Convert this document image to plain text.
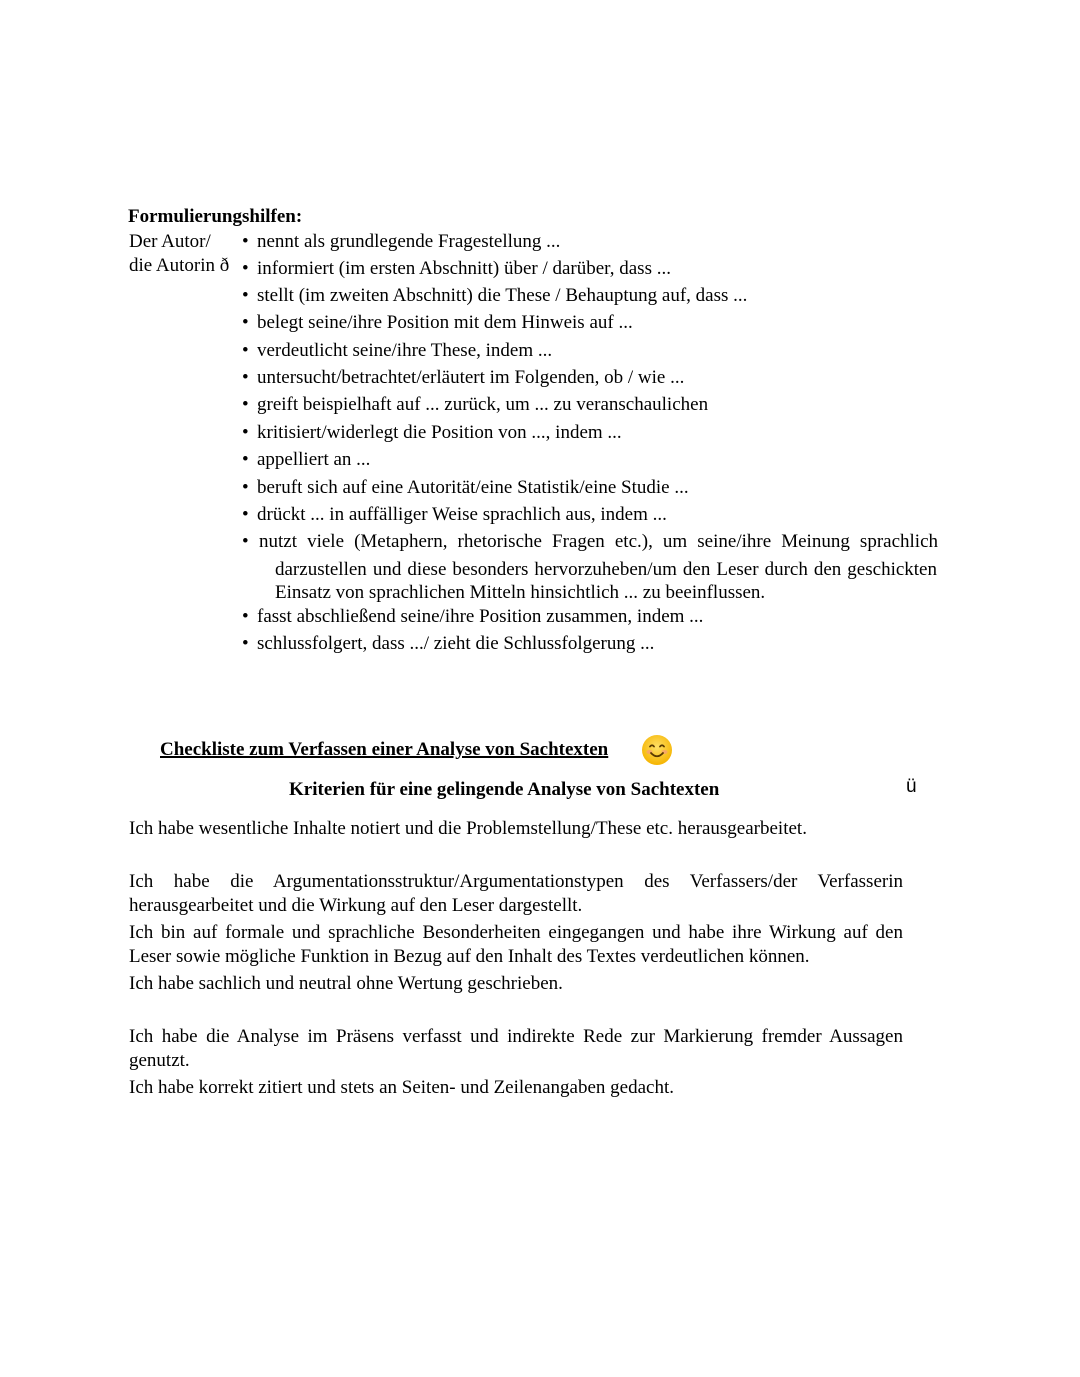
Formulierungshilfen:
Der Autor/
die Autorin ð
• nennt als grundlegende Fragestellung ...
• informiert (im ersten Abschnitt) über / darüber, dass ...
• stellt (im zweiten Abschnitt) die These / Behauptung auf, dass ...
• belegt seine/ihre Position mit dem Hinweis auf ...
• verdeutlicht seine/ihre These, indem ...
• untersucht/betrachtet/erläutert im Folgenden, ob / wie ...
• greift beispielhaft auf ... zurück, um ... zu veranschaulichen
• kritisiert/widerlegt die Position von ..., indem ...
• appelliert an ...
• beruft sich auf eine Autorität/eine Statistik/eine Studie ...
• drückt ... in auffälliger Weise sprachlich aus, indem ...
• nutzt viele (Metaphern, rhetorische Fragen etc.), um seine/ihre Meinung sprachlich
darzustellen und diese besonders hervorzuheben/um den Leser durch den geschickten Einsatz von sprachlichen Mitteln hinsichtlich ... zu beeinflussen.
• fasst abschließend seine/ihre Position zusammen, indem ...
• schlussfolgert, dass .../ zieht die Schlussfolgerung ...
Checkliste zum Verfassen einer Analyse von Sachtexten
Kriterien für eine gelingende Analyse von Sachtexten	ü
Ich habe wesentliche Inhalte notiert und die Problemstellung/These etc. herausgearbeitet.
Ich habe die Argumentationsstruktur/Argumentationstypen des Verfassers/der Verfasserin herausgearbeitet und die Wirkung auf den Leser dargestellt.
Ich bin auf formale und sprachliche Besonderheiten eingegangen und habe ihre Wirkung auf den Leser sowie mögliche Funktion in Bezug auf den Inhalt des Textes verdeutlichen können.
Ich habe sachlich und neutral ohne Wertung geschrieben.
Ich habe die Analyse im Präsens verfasst und indirekte Rede zur Markierung fremder Aussagen genutzt.
Ich habe korrekt zitiert und stets an Seiten- und Zeilenangaben gedacht.
